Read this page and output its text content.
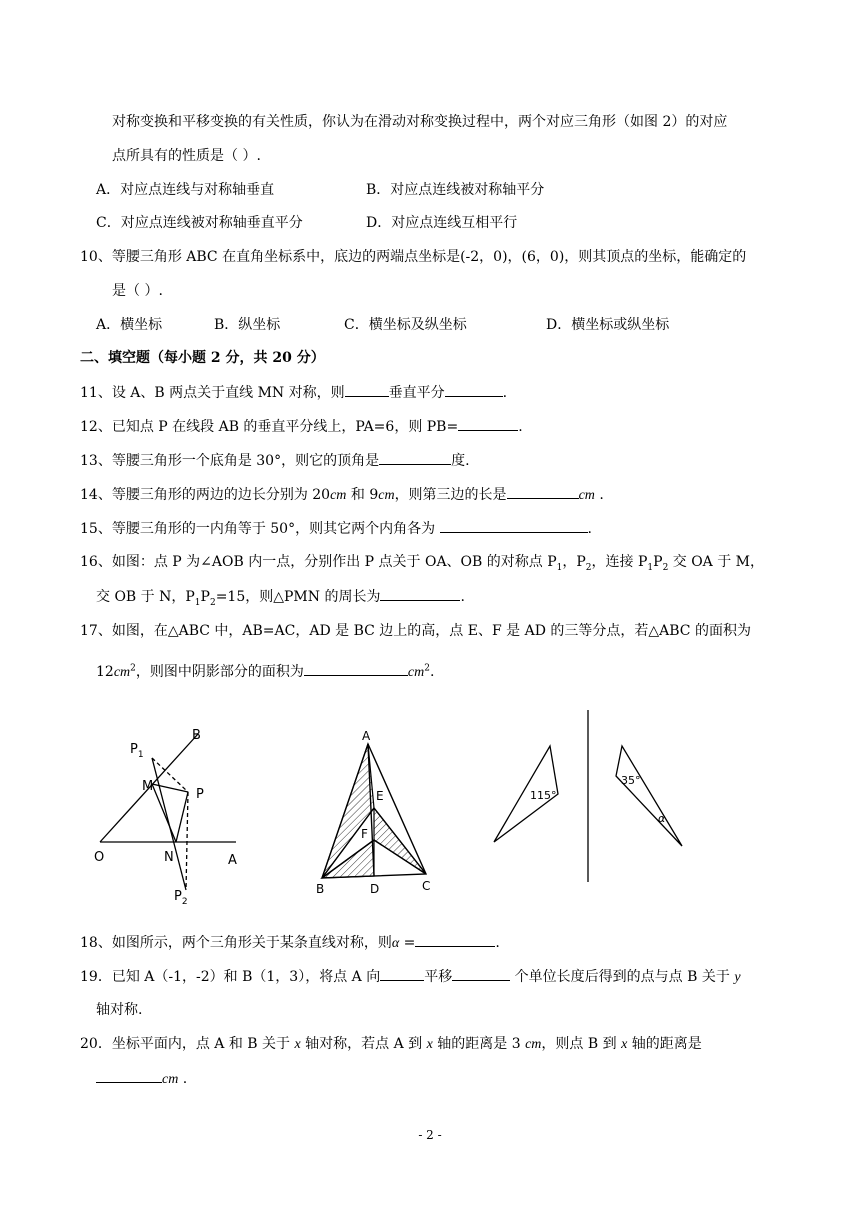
对称变换和平移变换的有关性质，你认为在滑动对称变换过程中，两个对应三角形（如图 2）的对应
点所具有的性质是（ ）.
A．对应点连线与对称轴垂直	B．对应点连线被对称轴平分
C．对应点连线被对称轴垂直平分	D．对应点连线互相平行
10、等腰三角形 ABC 在直角坐标系中，底边的两端点坐标是(-2，0)，(6，0)，则其顶点的坐标，能确定的
是（ ）.
A．横坐标	B．纵坐标	C．横坐标及纵坐标	D．横坐标或纵坐标
二、填空题（每小题 2 分，共 20 分）
11、设 A、B 两点关于直线 MN 对称，则	垂直平分	.
12、已知点 P 在线段 AB 的垂直平分线上，PA=6，则 PB=	.
13、等腰三角形一个底角是 30°，则它的顶角是	度.
14、等腰三角形的两边的边长分别为 20cm 和 9cm，则第三边的长是	cm .
15、等腰三角形的一内角等于 50°，则其它两个内角各为	.
16、如图：点 P 为∠AOB 内一点，分别作出 P 点关于 OA、OB 的对称点 $P_1$，$P_2$，连接 $P_1P_2$ 交 OA 于 M，
交 OB 于 N，$P_1P_2=15$，则△PMN 的周长为	.
17、如图，在△ABC 中，AB=AC，AD 是 BC 边上的高，点 E、F 是 AD 的三等分点，若△ABC 的面积为
$12cm^2$，则图中阴影部分的面积为	$cm^2$.
B
$P_1$
M
P
O	N	A
$P_2$
A
E
F
B	D	C
115°
35°
α
18、如图所示，两个三角形关于某条直线对称，则α =	.
19．已知 A（-1，-2）和 B（1，3），将点 A 向	平移	个单位长度后得到的点与点 B 关于 y
轴对称.
20．坐标平面内，点 A 和 B 关于 x 轴对称，若点 A 到 x 轴的距离是 3 cm，则点 B 到 x 轴的距离是
cm .
- 2 -
